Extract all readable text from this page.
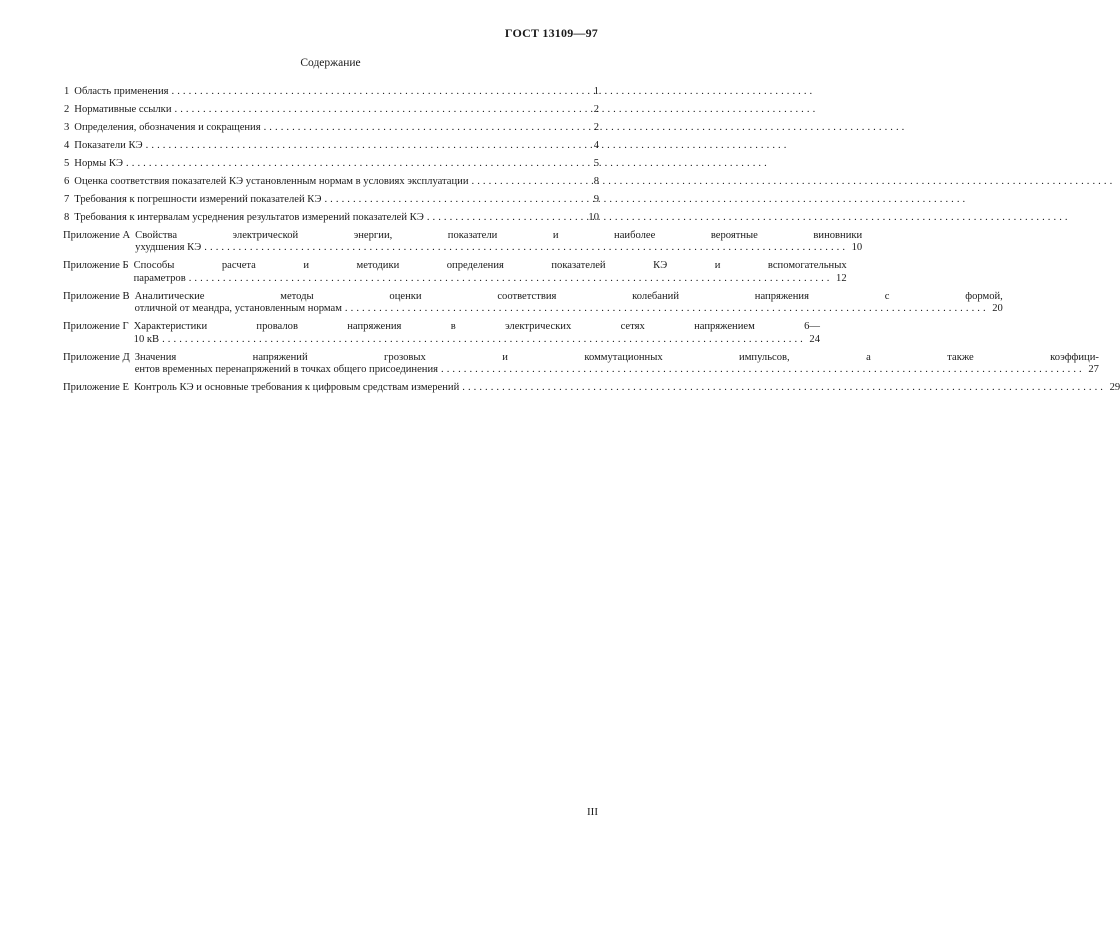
ГОСТ 13109—97
Содержание
1 Область применения . . .	1
2 Нормативные ссылки . . .	2
3 Определения, обозначения и сокращения . . .	2
4 Показатели КЭ . . .	4
5 Нормы КЭ . . .	5
6 Оценка соответствия показателей КЭ установленным нормам в условиях эксплуатации . . .	8
7 Требования к погрешности измерений показателей КЭ . . .	9
8 Требования к интервалам усреднения результатов измерений показателей КЭ . . .	10
Приложение А Свойства электрической энергии, показатели и наиболее вероятные виновники
ухудшения КЭ . . .	10
Приложение Б Способы расчета и методики определения показателей КЭ и вспомогательных
параметров . . .	12
Приложение В Аналитические методы оценки соответствия колебаний напряжения с формой,
отличной от меандра, установленным нормам . . .	20
Приложение Г Характеристики провалов напряжения в электрических сетях напряжением 6—
10 кВ . . .	24
Приложение Д Значения напряжений грозовых и коммутационных импульсов, а также коэффици-
ентов временных перенапряжений в точках общего присоединения . . .	27
Приложение Е Контроль КЭ и основные требования к цифровым средствам измерений . . .	29
III
